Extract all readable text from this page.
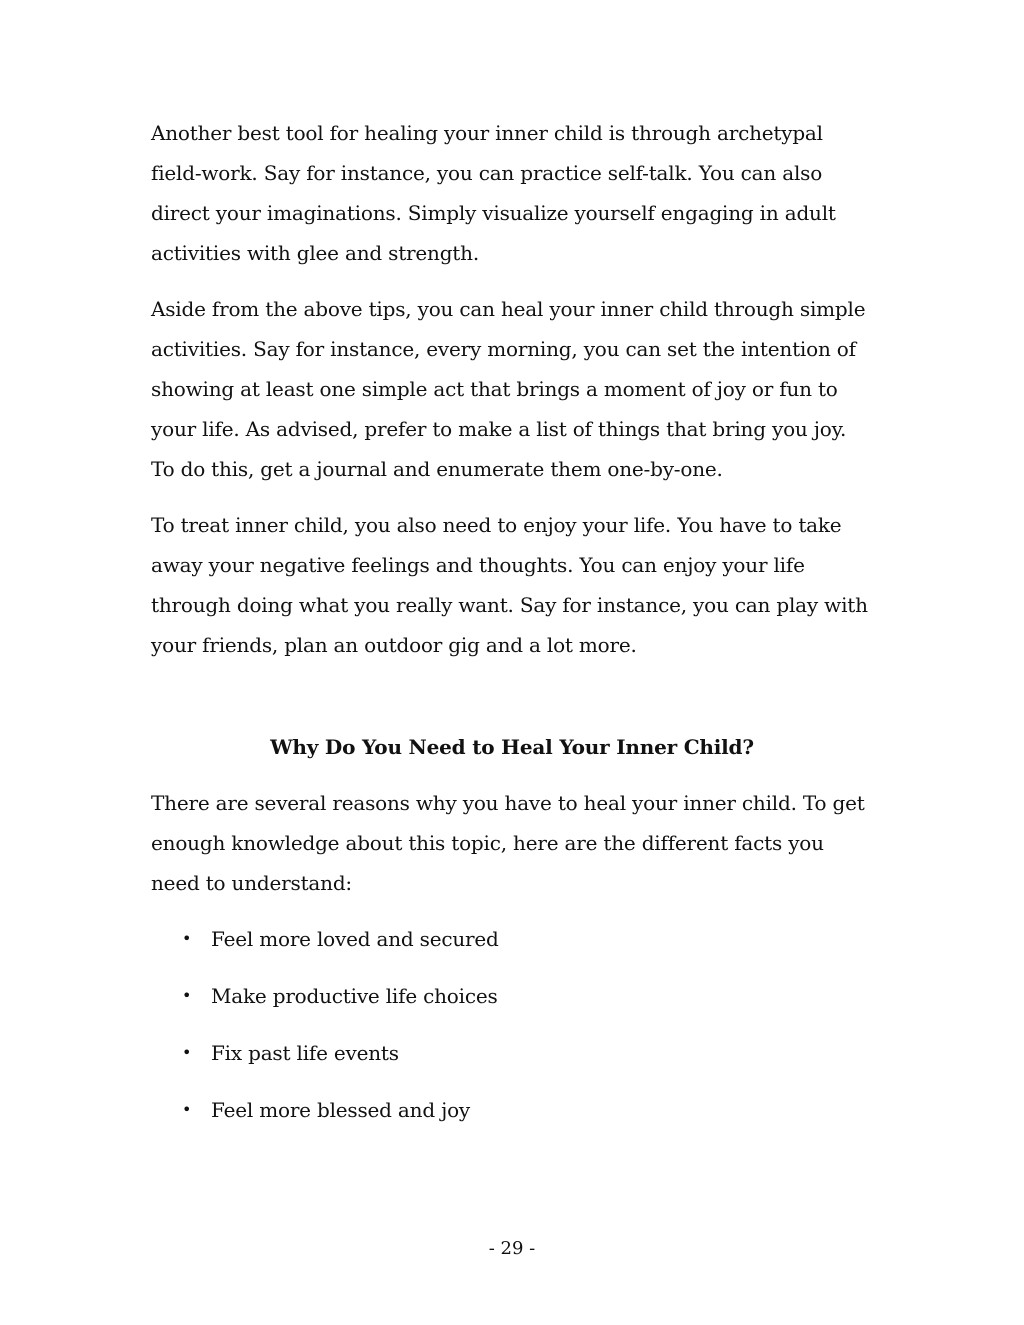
Another best tool for healing your inner child is through archetypal field-work. Say for instance, you can practice self-talk. You can also direct your imaginations. Simply visualize yourself engaging in adult activities with glee and strength.

Aside from the above tips, you can heal your inner child through simple activities. Say for instance, every morning, you can set the intention of showing at least one simple act that brings a moment of joy or fun to your life. As advised, prefer to make a list of things that bring you joy. To do this, get a journal and enumerate them one-by-one.

To treat inner child, you also need to enjoy your life. You have to take away your negative feelings and thoughts. You can enjoy your life through doing what you really want. Say for instance, you can play with your friends, plan an outdoor gig and a lot more.

Why Do You Need to Heal Your Inner Child?

There are several reasons why you have to heal your inner child. To get enough knowledge about this topic, here are the different facts you need to understand:

• Feel more loved and secured
• Make productive life choices
• Fix past life events
• Feel more blessed and joy
- 29 -
